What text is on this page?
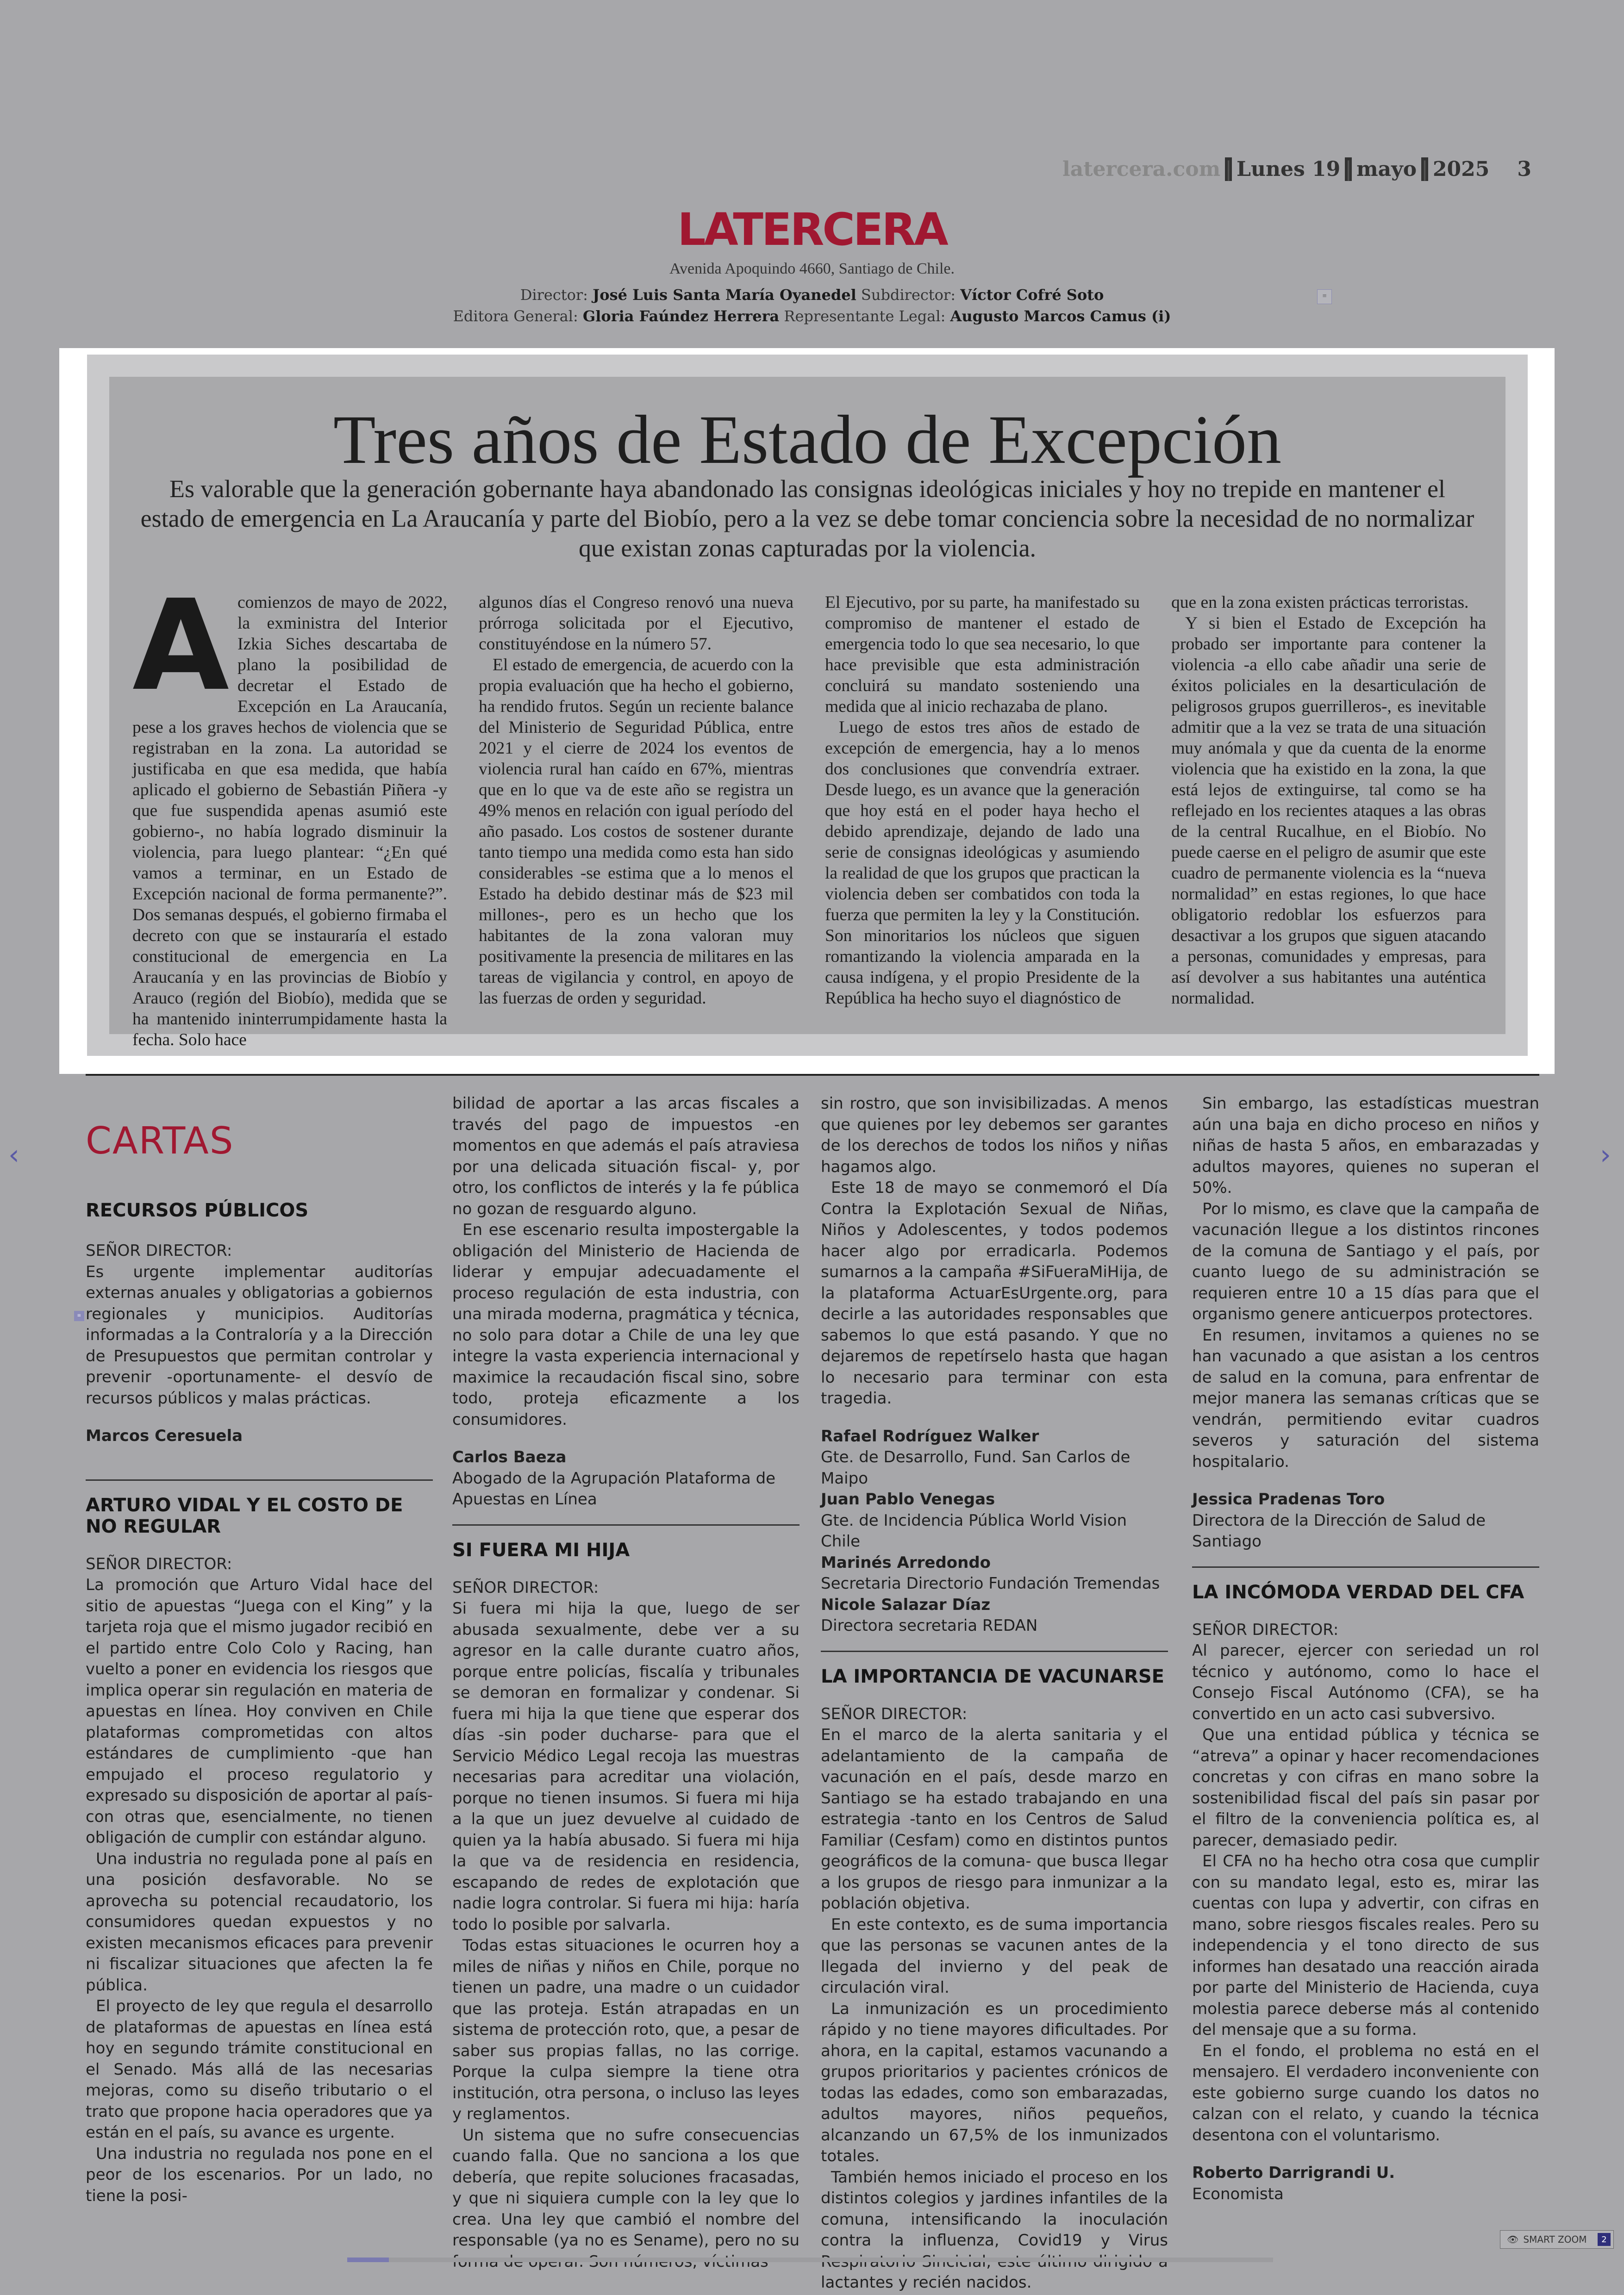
latercera.com | Lunes 19 | mayo | 2025 3
LATERCERA
Avenida Apoquindo 4660, Santiago de Chile.
Director: José Luis Santa María Oyanedel Subdirector: Víctor Cofré Soto
Editora General: Gloria Faúndez Herrera Representante Legal: Augusto Marcos Camus (i)
≡
Tres años de Estado de Excepción
Es valorable que la generación gobernante haya abandonado las consignas ideológicas iniciales y hoy no trepide en mantener el estado de emergencia en La Araucanía y parte del Biobío, pero a la vez se debe tomar conciencia sobre la necesidad de no normalizar que existan zonas capturadas por la violencia.
A comienzos de mayo de 2022, la exministra del Interior Izkia Siches descartaba de plano la posibilidad de decretar el Estado de Excepción en La Araucanía, pese a los graves hechos de violencia que se registraban en la zona. La autoridad se justificaba en que esa medida, que había aplicado el gobierno de Sebastián Piñera -y que fue suspendida apenas asumió este gobierno-, no había logrado disminuir la violencia, para luego plantear: “¿En qué vamos a terminar, en un Estado de Excepción nacional de forma permanente?”. Dos semanas después, el gobierno firmaba el decreto con que se instauraría el estado constitucional de emergencia en La Araucanía y en las provincias de Biobío y Arauco (región del Biobío), medida que se ha mantenido ininterrumpidamente hasta la fecha. Solo hace

algunos días el Congreso renovó una nueva prórroga solicitada por el Ejecutivo, constituyéndose en la número 57.

El estado de emergencia, de acuerdo con la propia evaluación que ha hecho el gobierno, ha rendido frutos. Según un reciente balance del Ministerio de Seguridad Pública, entre 2021 y el cierre de 2024 los eventos de violencia rural han caído en 67%, mientras que en lo que va de este año se registra un 49% menos en relación con igual período del año pasado. Los costos de sostener durante tanto tiempo una medida como esta han sido considerables -se estima que a lo menos el Estado ha debido destinar más de $23 mil millones-, pero es un hecho que los habitantes de la zona valoran muy positivamente la presencia de militares en las tareas de vigilancia y control, en apoyo de las fuerzas de orden y seguridad.

El Ejecutivo, por su parte, ha manifestado su compromiso de mantener el estado de emergencia todo lo que sea necesario, lo que hace previsible que esta administración concluirá su mandato sosteniendo una medida que al inicio rechazaba de plano.

Luego de estos tres años de estado de excepción de emergencia, hay a lo menos dos conclusiones que convendría extraer. Desde luego, es un avance que la generación que hoy está en el poder haya hecho el debido aprendizaje, dejando de lado una serie de consignas ideológicas y asumiendo la realidad de que los grupos que practican la violencia deben ser combatidos con toda la fuerza que permiten la ley y la Constitución. Son minoritarios los núcleos que siguen romantizando la violencia amparada en la causa indígena, y el propio Presidente de la República ha hecho suyo el diagnóstico de

que en la zona existen prácticas terroristas.

Y si bien el Estado de Excepción ha probado ser importante para contener la violencia -a ello cabe añadir una serie de éxitos policiales en la desarticulación de peligrosos grupos guerrilleros-, es inevitable admitir que a la vez se trata de una situación muy anómala y que da cuenta de la enorme violencia que ha existido en la zona, la que está lejos de extinguirse, tal como se ha reflejado en los recientes ataques a las obras de la central Rucalhue, en el Biobío. No puede caerse en el peligro de asumir que este cuadro de permanente violencia es la “nueva normalidad” en estas regiones, lo que hace obligatorio redoblar los esfuerzos para desactivar a los grupos que siguen atacando a personas, comunidades y empresas, para así devolver a sus habitantes una auténtica normalidad.

CARTAS
RECURSOS PÚBLICOS
SEÑOR DIRECTOR:

Es urgente implementar auditorías externas anuales y obligatorias a gobiernos regionales y municipios. Auditorías informadas a la Contraloría y a la Dirección de Presupuestos que permitan controlar y prevenir -oportunamente- el desvío de recursos públicos y malas prácticas.

Marcos Ceresuela
ARTURO VIDAL Y EL COSTO DE NO REGULAR
SEÑOR DIRECTOR:

La promoción que Arturo Vidal hace del sitio de apuestas “Juega con el King” y la tarjeta roja que el mismo jugador recibió en el partido entre Colo Colo y Racing, han vuelto a poner en evidencia los riesgos que implica operar sin regulación en materia de apuestas en línea. Hoy conviven en Chile plataformas comprometidas con altos estándares de cumplimiento -que han empujado el proceso regulatorio y expresado su disposición de aportar al país- con otras que, esencialmente, no tienen obligación de cumplir con estándar alguno.

Una industria no regulada pone al país en una posición desfavorable. No se aprovecha su potencial recaudatorio, los consumidores quedan expuestos y no existen mecanismos eficaces para prevenir ni fiscalizar situaciones que afecten la fe pública.

El proyecto de ley que regula el desarrollo de plataformas de apuestas en línea está hoy en segundo trámite constitucional en el Senado. Más allá de las necesarias mejoras, como su diseño tributario o el trato que propone hacia operadores que ya están en el país, su avance es urgente.

Una industria no regulada nos pone en el peor de los escenarios. Por un lado, no tiene la posi-

bilidad de aportar a las arcas fiscales a través del pago de impuestos -en momentos en que además el país atraviesa por una delicada situación fiscal- y, por otro, los conflictos de interés y la fe pública no gozan de resguardo alguno.

En ese escenario resulta impostergable la obligación del Ministerio de Hacienda de liderar y empujar adecuadamente el proceso regulación de esta industria, con una mirada moderna, pragmática y técnica, no solo para dotar a Chile de una ley que integre la vasta experiencia internacional y maximice la recaudación fiscal sino, sobre todo, proteja eficazmente a los consumidores.

Carlos Baeza
Abogado de la Agrupación Plataforma de Apuestas en Línea
SI FUERA MI HIJA
SEÑOR DIRECTOR:

Si fuera mi hija la que, luego de ser abusada sexualmente, debe ver a su agresor en la calle durante cuatro años, porque entre policías, fiscalía y tribunales se demoran en formalizar y condenar. Si fuera mi hija la que tiene que esperar dos días -sin poder ducharse- para que el Servicio Médico Legal recoja las muestras necesarias para acreditar una violación, porque no tienen insumos. Si fuera mi hija a la que un juez devuelve al cuidado de quien ya la había abusado. Si fuera mi hija la que va de residencia en residencia, escapando de redes de explotación que nadie logra controlar. Si fuera mi hija: haría todo lo posible por salvarla.

Todas estas situaciones le ocurren hoy a miles de niñas y niños en Chile, porque no tienen un padre, una madre o un cuidador que las proteja. Están atrapadas en un sistema de protección roto, que, a pesar de saber sus propias fallas, no las corrige. Porque la culpa siempre la tiene otra institución, otra persona, o incluso las leyes y reglamentos.

Un sistema que no sufre consecuencias cuando falla. Que no sanciona a los que debería, que repite soluciones fracasadas, y que ni siquiera cumple con la ley que lo crea. Una ley que cambió el nombre del responsable (ya no es Sename), pero no su

sin rostro, que son invisibilizadas. A menos que quienes por ley debemos ser garantes de los derechos de todos los niños y niñas hagamos algo.

Este 18 de mayo se conmemoró el Día Contra la Explotación Sexual de Niñas, Niños y Adolescentes, y todos podemos hacer algo por erradicarla. Podemos sumarnos a la campaña #SiFueraMiHija, de la plataforma ActuarEsUrgente.org, para decirle a las autoridades responsables que sabemos lo que está pasando. Y que no dejaremos de repetírselo hasta que hagan lo necesario para terminar con esta tragedia.

Rafael Rodríguez Walker
Gte. de Desarrollo, Fund. San Carlos de Maipo
Juan Pablo Venegas
Gte. de Incidencia Pública World Vision Chile
Marinés Arredondo
Secretaria Directorio Fundación Tremendas
Nicole Salazar Díaz
Directora secretaria REDAN
LA IMPORTANCIA DE VACUNARSE
SEÑOR DIRECTOR:

En el marco de la alerta sanitaria y el adelantamiento de la campaña de vacunación en el país, desde marzo en Santiago se ha estado trabajando en una estrategia -tanto en los Centros de Salud Familiar (Cesfam) como en distintos puntos geográficos de la comuna- que busca llegar a los grupos de riesgo para inmunizar a la población objetiva.

En este contexto, es de suma importancia que las personas se vacunen antes de la llegada del invierno y del peak de circulación viral.

La inmunización es un procedimiento rápido y no tiene mayores dificultades. Por ahora, en la capital, estamos vacunando a grupos prioritarios y pacientes crónicos de todas las edades, como son embarazadas, adultos mayores, niños pequeños, alcanzando un 67,5% de los inmunizados totales.

También hemos iniciado el proceso en los distintos colegios y jardines infantiles de la comuna, intensificando la inoculación contra la influenza, Covid19 y Virus lactantes y recién nacidos.

Sin embargo, las estadísticas muestran aún una baja en dicho proceso en niños y niñas de hasta 5 años, en embarazadas y adultos mayores, quienes no superan el 50%.

Por lo mismo, es clave que la campaña de vacunación llegue a los distintos rincones de la comuna de Santiago y el país, por cuanto luego de su administración se requieren entre 10 a 15 días para que el organismo genere anticuerpos protectores.

En resumen, invitamos a quienes no se han vacunado a que asistan a los centros de salud en la comuna, para enfrentar de mejor manera las semanas críticas que se vendrán, permitiendo evitar cuadros severos y saturación del sistema hospitalario.

Jessica Pradenas Toro
Directora de la Dirección de Salud de Santiago
LA INCÓMODA VERDAD DEL CFA
SEÑOR DIRECTOR:

Al parecer, ejercer con seriedad un rol técnico y autónomo, como lo hace el Consejo Fiscal Autónomo (CFA), se ha convertido en un acto casi subversivo.

Que una entidad pública y técnica se “atreva” a opinar y hacer recomendaciones concretas y con cifras en mano sobre la sostenibilidad fiscal del país sin pasar por el filtro de la conveniencia política es, al parecer, demasiado pedir.

El CFA no ha hecho otra cosa que cumplir con su mandato legal, esto es, mirar las cuentas con lupa y advertir, con cifras en mano, sobre riesgos fiscales reales. Pero su independencia y el tono directo de sus informes han desatado una reacción airada por parte del Ministerio de Hacienda, cuya molestia parece deberse más al contenido del mensaje que a su forma.

En el fondo, el problema no está en el mensajero. El verdadero inconveniente con este gobierno surge cuando los datos no calzan con el relato, y cuando la técnica desentona con el voluntarismo.

Roberto Darrigrandi U.
Economista
‹	›
≡
👁 SMART ZOOM	2
